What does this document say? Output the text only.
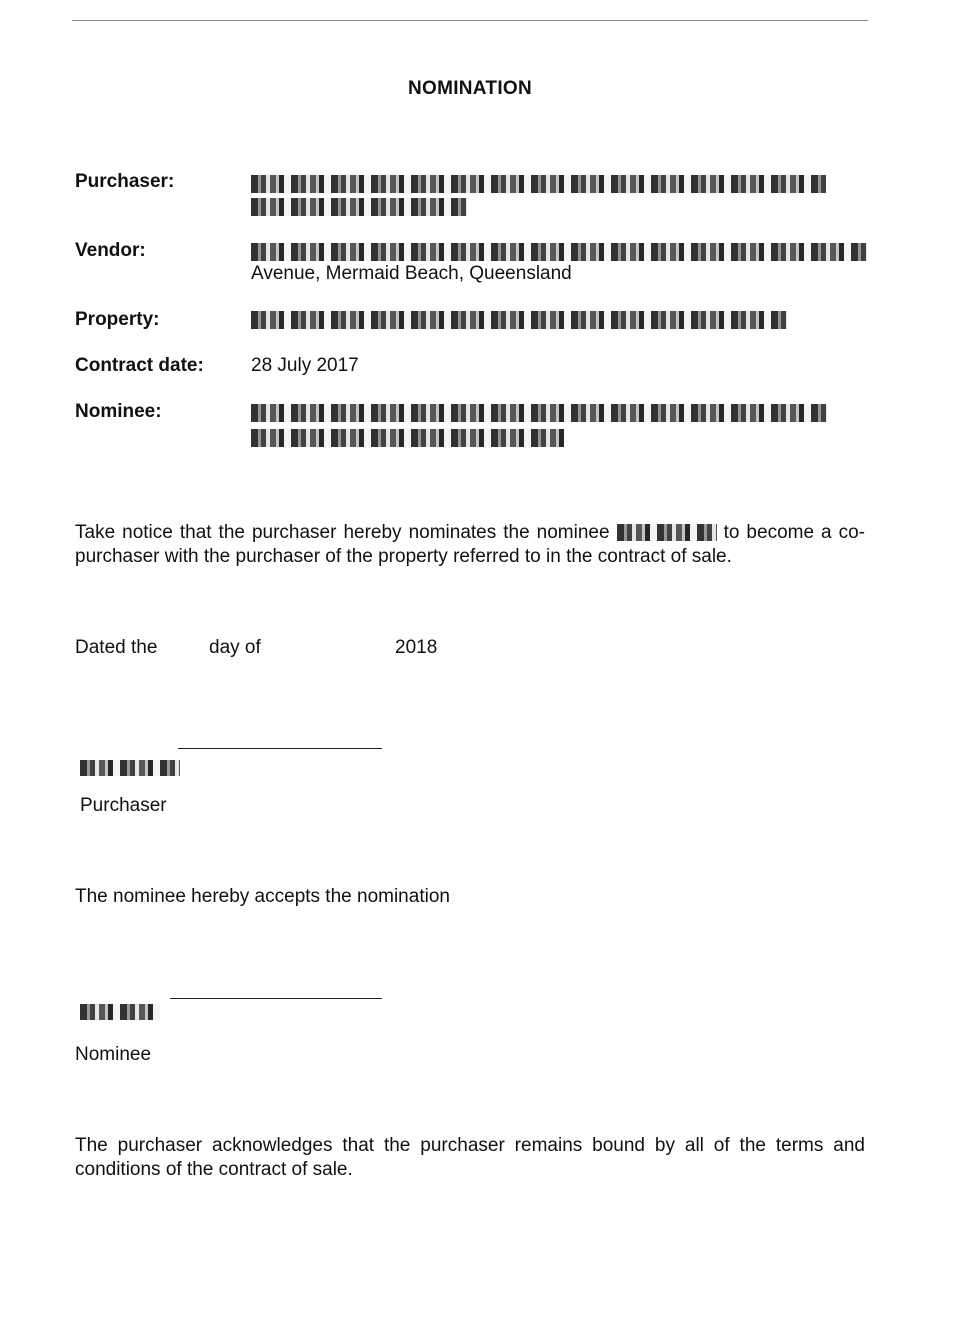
NOMINATION
Purchaser:
Vendor:
Avenue, Mermaid Beach, Queensland
Property:
Contract date: 28 July 2017
Nominee:
Take notice that the purchaser hereby nominates the nominee	to become a co-purchaser with the purchaser of the property referred to in the contract of sale.
Dated the	day of	2018
Purchaser
The nominee hereby accepts the nomination
Nominee
The purchaser acknowledges that the purchaser remains bound by all of the terms and conditions of the contract of sale.
